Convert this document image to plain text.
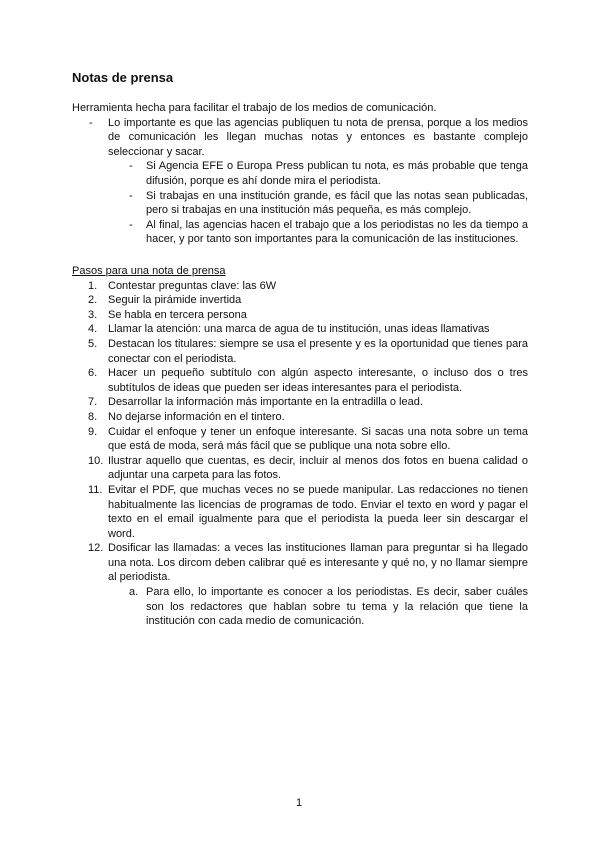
Notas de prensa
Herramienta hecha para facilitar el trabajo de los medios de comunicación.
- Lo importante es que las agencias publiquen tu nota de prensa, porque a los medios de comunicación les llegan muchas notas y entonces es bastante complejo seleccionar y sacar.
- Si Agencia EFE o Europa Press publican tu nota, es más probable que tenga difusión, porque es ahí donde mira el periodista.
- Si trabajas en una institución grande, es fácil que las notas sean publicadas, pero si trabajas en una institución más pequeña, es más complejo.
- Al final, las agencias hacen el trabajo que a los periodistas no les da tiempo a hacer, y por tanto son importantes para la comunicación de las instituciones.
Pasos para una nota de prensa
1. Contestar preguntas clave: las 6W
2. Seguir la pirámide invertida
3. Se habla en tercera persona
4. Llamar la atención: una marca de agua de tu institución, unas ideas llamativas
5. Destacan los titulares: siempre se usa el presente y es la oportunidad que tienes para conectar con el periodista.
6. Hacer un pequeño subtítulo con algún aspecto interesante, o incluso dos o tres subtítulos de ideas que pueden ser ideas interesantes para el periodista.
7. Desarrollar la información más importante en la entradilla o lead.
8. No dejarse información en el tintero.
9. Cuidar el enfoque y tener un enfoque interesante. Si sacas una nota sobre un tema que está de moda, será más fácil que se publique una nota sobre ello.
10. Ilustrar aquello que cuentas, es decir, incluir al menos dos fotos en buena calidad o adjuntar una carpeta para las fotos.
11. Evitar el PDF, que muchas veces no se puede manipular. Las redacciones no tienen habitualmente las licencias de programas de todo. Enviar el texto en word y pagar el texto en el email igualmente para que el periodista la pueda leer sin descargar el word.
12. Dosificar las llamadas: a veces las instituciones llaman para preguntar si ha llegado una nota. Los dircom deben calibrar qué es interesante y qué no, y no llamar siempre al periodista.
a. Para ello, lo importante es conocer a los periodistas. Es decir, saber cuáles son los redactores que hablan sobre tu tema y la relación que tiene la institución con cada medio de comunicación.
1
